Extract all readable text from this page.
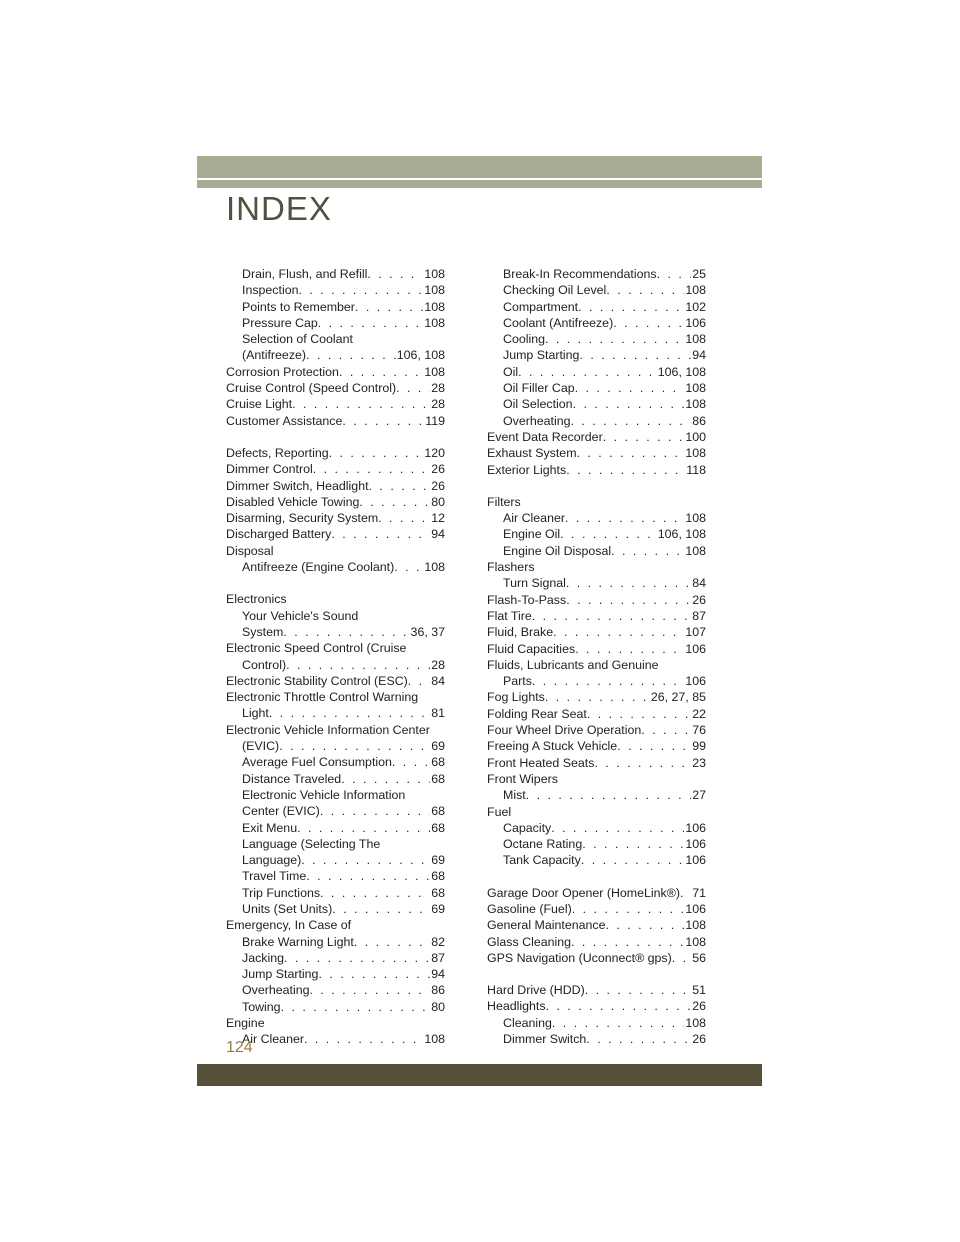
INDEX
Drain, Flush, and Refill . . .	108
Inspection . . .	108
Points to Remember . . .	108
Pressure Cap . . .	108
Selection of Coolant
(Antifreeze) . . .	106, 108
Corrosion Protection . . .	108
Cruise Control (Speed Control) . . .	28
Cruise Light . . .	28
Customer Assistance . . .	119
Defects, Reporting . . .	120
Dimmer Control . . .	26
Dimmer Switch, Headlight . . .	26
Disabled Vehicle Towing . . .	80
Disarming, Security System . . .	12
Discharged Battery . . .	94
Disposal
Antifreeze (Engine Coolant) . . . 108
Electronics
Your Vehicle's Sound
System . . .	36, 37
Electronic Speed Control (Cruise
Control) . . .	28
Electronic Stability Control (ESC) . . . 84
Electronic Throttle Control Warning
Light . . .	81
Electronic Vehicle Information Center
(EVIC) . . .	69
Average Fuel Consumption . . .	68
Distance Traveled . . .	68
Electronic Vehicle Information
Center (EVIC) . . .	68
Exit Menu . . .	68
Language (Selecting The
Language) . . .	69
Travel Time . . .	68
Trip Functions . . .	68
Units (Set Units) . . .	69
Emergency, In Case of
Brake Warning Light . . .	82
Jacking . . .	87
Jump Starting . . .	94
Overheating . . .	86
Towing . . .	80
Engine
Air Cleaner . . .	108
Break-In Recommendations . . .	25
Checking Oil Level . . .	108
Compartment . . .	102
Coolant (Antifreeze) . . .	106
Cooling . . .	108
Jump Starting . . .	94
Oil . . .	106, 108
Oil Filler Cap . . .	108
Oil Selection . . .	108
Overheating . . .	86
Event Data Recorder . . .	100
Exhaust System . . .	108
Exterior Lights . . .	118
Filters
Air Cleaner . . .	108
Engine Oil . . .	106, 108
Engine Oil Disposal . . .	108
Flashers
Turn Signal . . .	84
Flash-To-Pass . . .	26
Flat Tire . . .	87
Fluid, Brake . . .	107
Fluid Capacities . . .	106
Fluids, Lubricants and Genuine
Parts . . .	106
Fog Lights . . .	26, 27, 85
Folding Rear Seat . . .	22
Four Wheel Drive Operation . . .	76
Freeing A Stuck Vehicle . . .	99
Front Heated Seats . . .	23
Front Wipers
Mist . . .	27
Fuel
Capacity . . .	106
Octane Rating . . .	106
Tank Capacity . . .	106
Garage Door Opener (HomeLink®) . . . 71
Gasoline (Fuel) . . .	106
General Maintenance . . .	108
Glass Cleaning . . .	108
GPS Navigation (Uconnect® gps) . . . 56
Hard Drive (HDD) . . .	51
Headlights . . .	26
Cleaning . . .	108
Dimmer Switch . . .	26
124
